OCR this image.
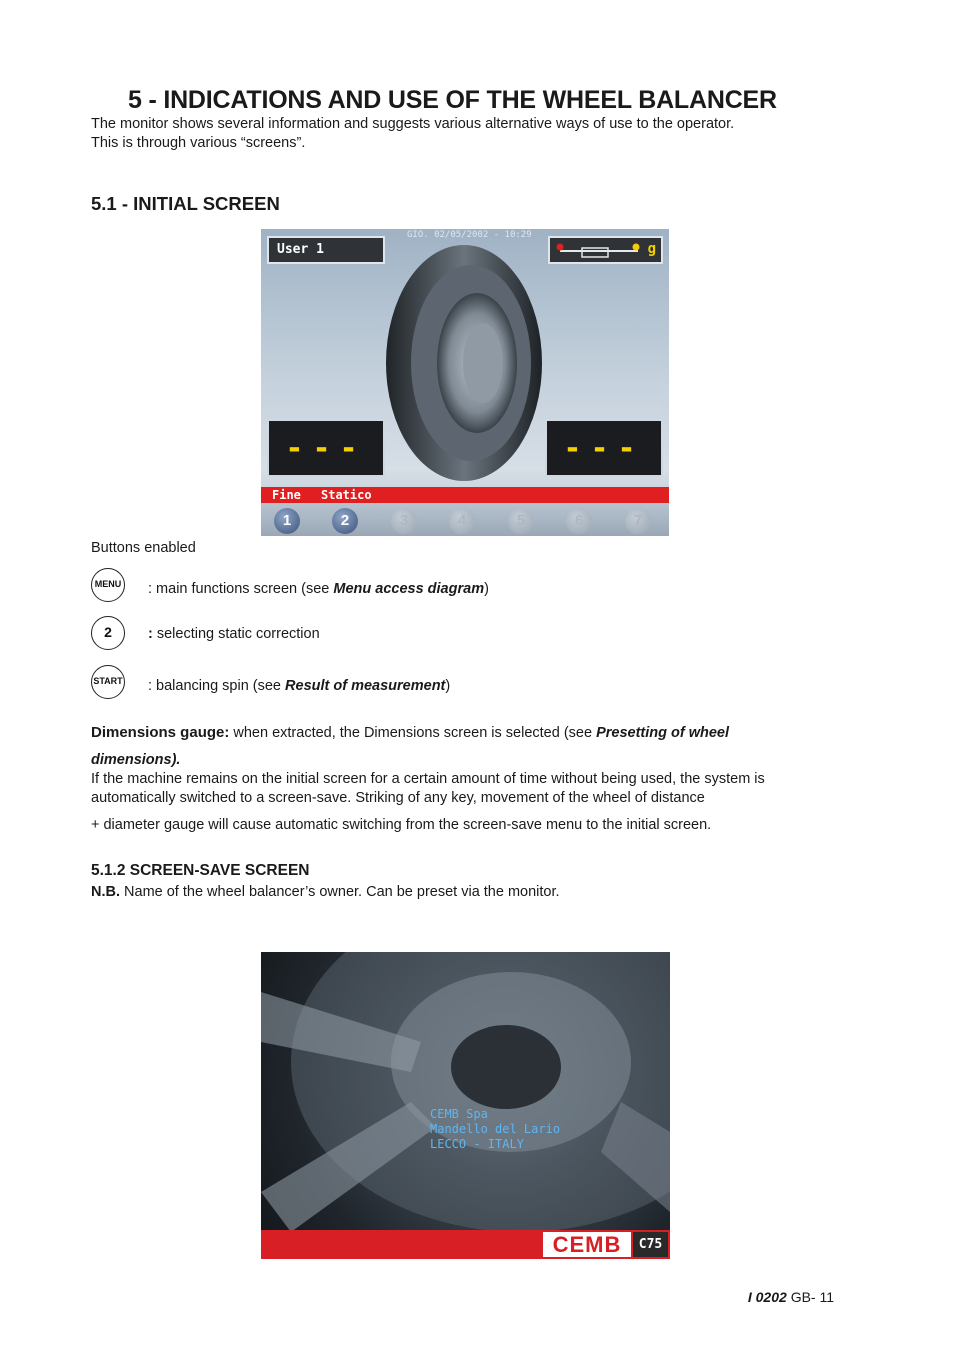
5 - INDICATIONS AND USE OF THE WHEEL BALANCER
The monitor shows several information and suggests various alternative ways of use to the operator.
This is through various “screens”.
5.1 - INITIAL SCREEN
GIO. 02/05/2002 - 10:29
User 1	g
---	---
Fine Statico
1	2	3	4	5	6	7
Buttons enabled
MENU : main functions screen (see Menu access diagram)
2	: selecting static correction
START : balancing spin (see Result of measurement)
Dimensions gauge: when extracted, the Dimensions screen is selected (see Presetting of wheel
dimensions).
If the machine remains on the initial screen for a certain amount of time without being used, the system is
automatically switched to a screen-save. Striking of any key, movement of the wheel of distance
+ diameter gauge will cause automatic switching from the screen-save menu to the initial screen.
5.1.2 SCREEN-SAVE SCREEN
N.B. Name of the wheel balancer’s owner. Can be preset via the monitor.
CEMB Spa
Mandello del Lario
LECCO - ITALY
CEMB	C75
I 0202 GB- 11
